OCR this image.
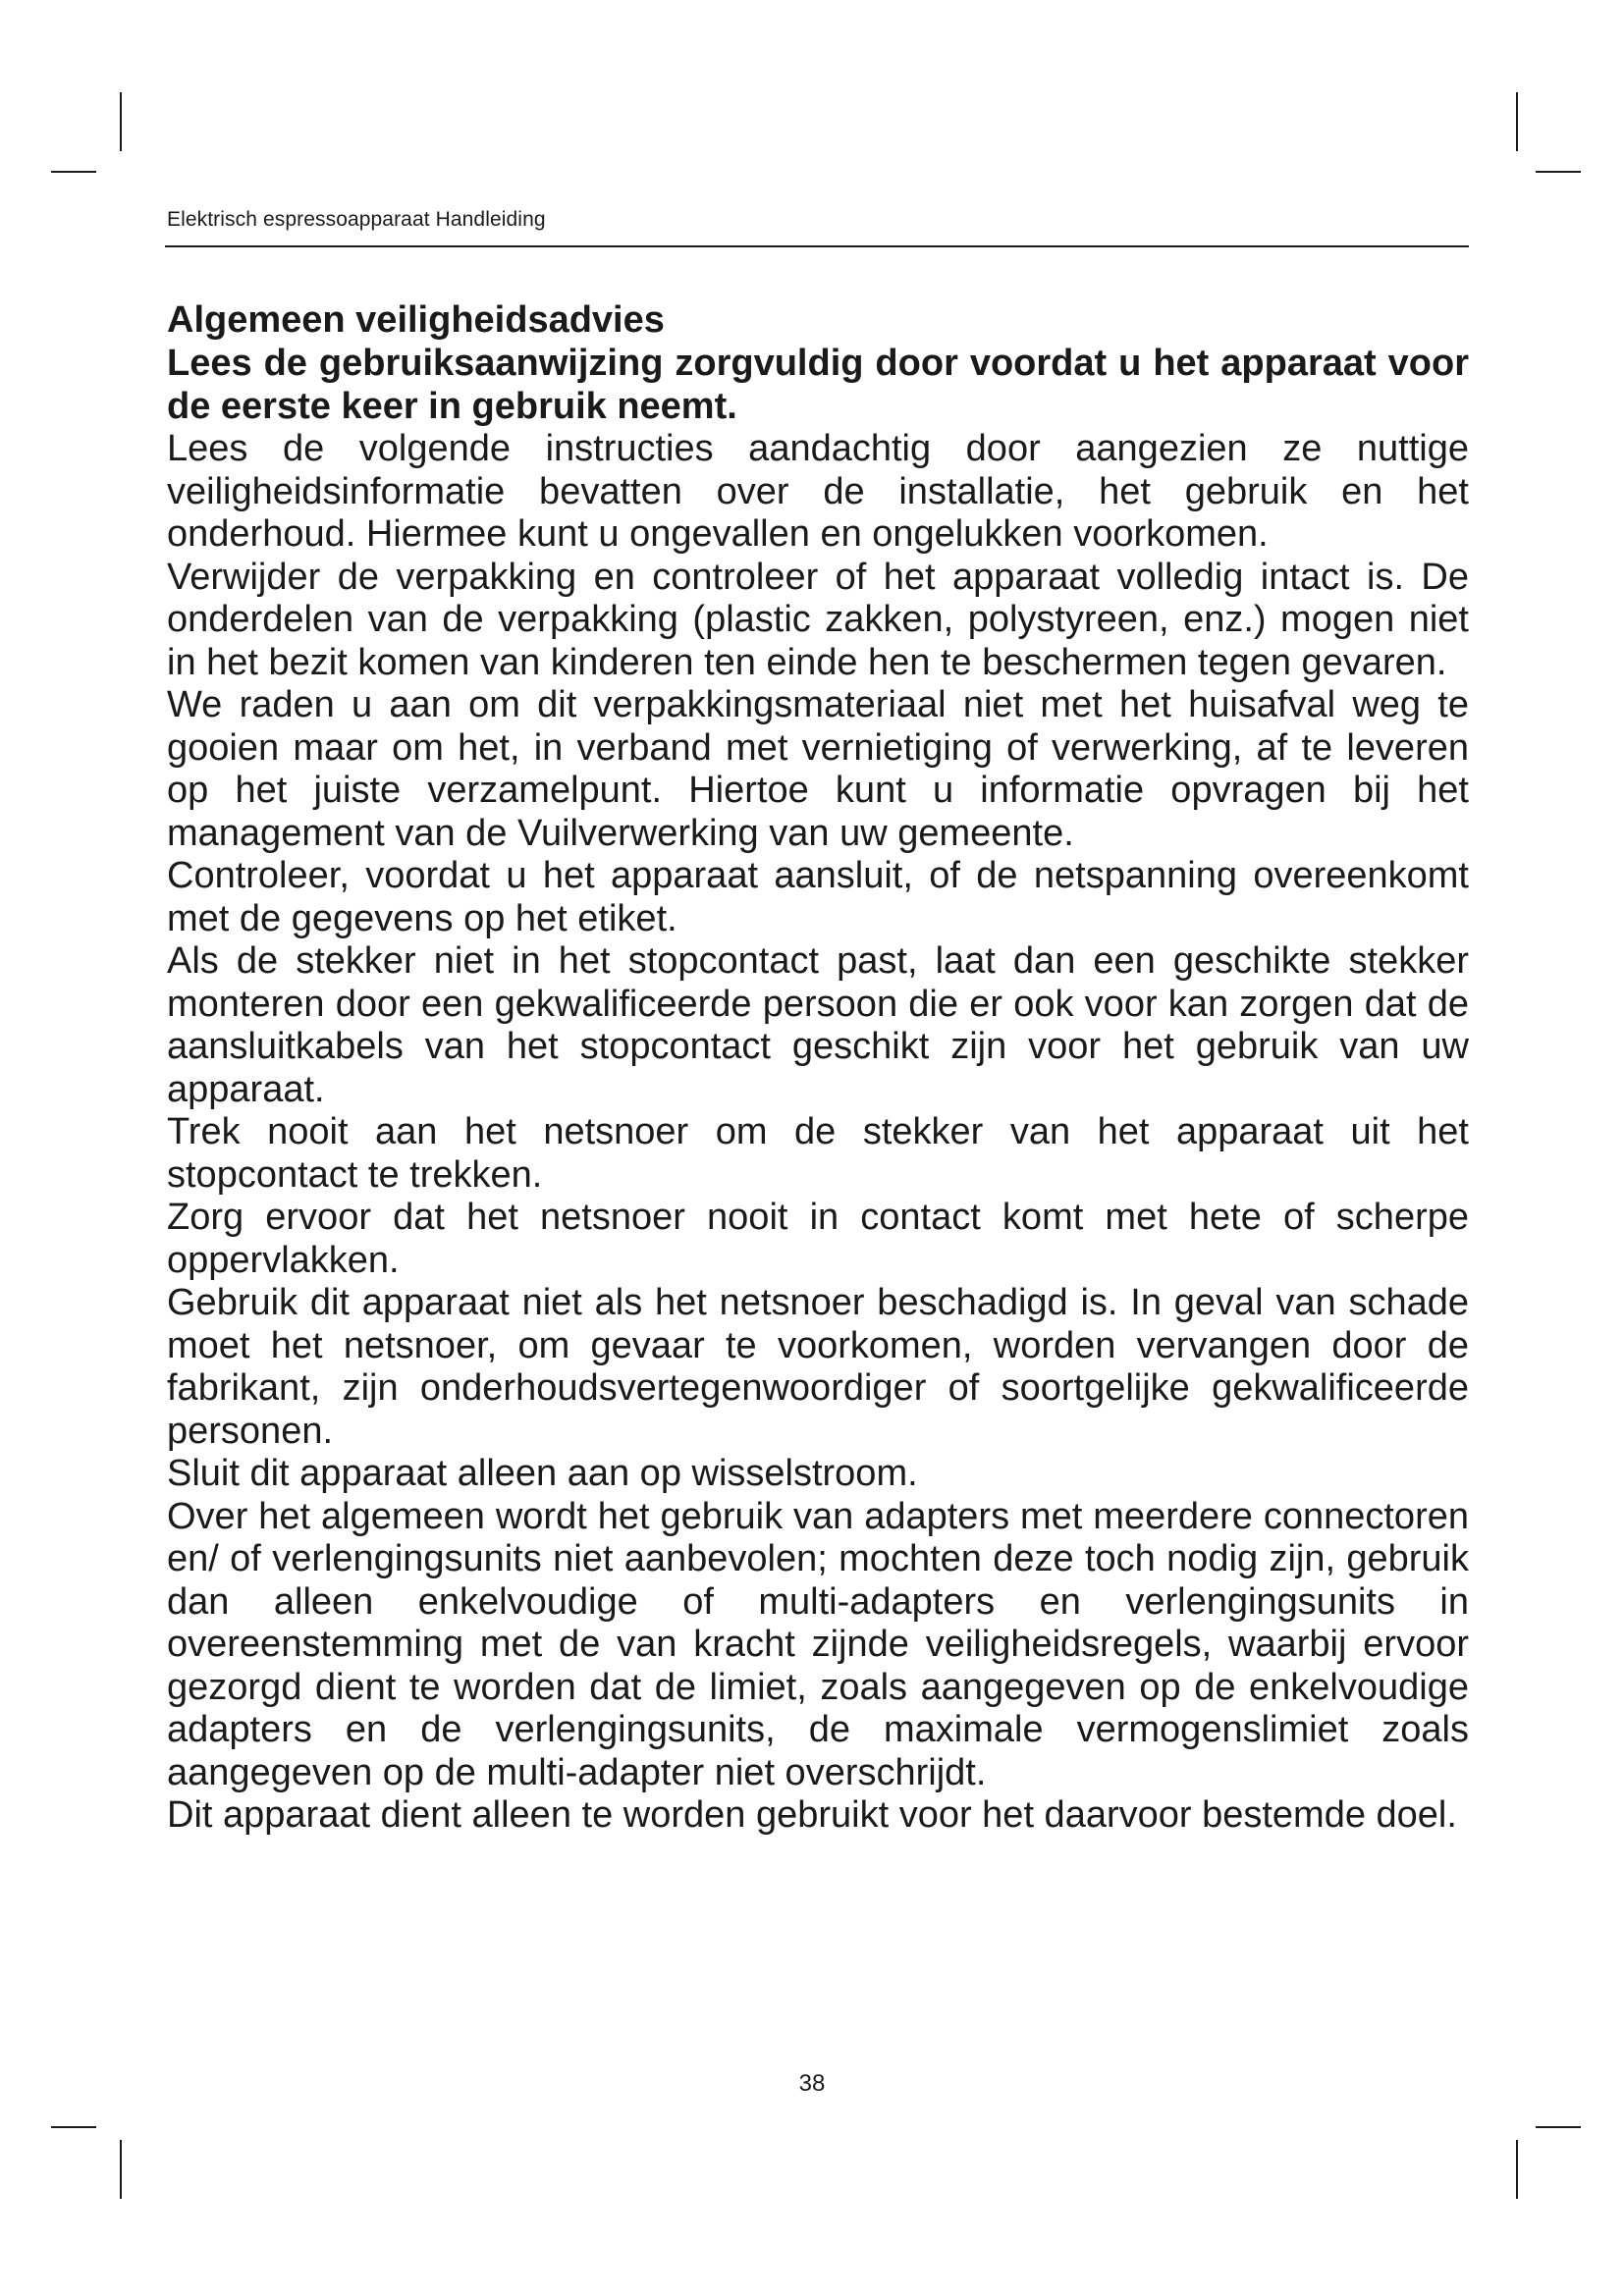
Elektrisch espressoapparaat Handleiding
Algemeen veiligheidsadvies
Lees de gebruiksaanwijzing zorgvuldig door voordat u het apparaat voor de eerste keer in gebruik neemt.

Lees de volgende instructies aandachtig door aangezien ze nuttige veiligheidsinformatie bevatten over de installatie, het gebruik en het onderhoud. Hiermee kunt u ongevallen en ongelukken voorkomen.

Verwijder de verpakking en controleer of het apparaat volledig intact is. De onderdelen van de verpakking (plastic zakken, polystyreen, enz.) mogen niet in het bezit komen van kinderen ten einde hen te beschermen tegen gevaren.

We raden u aan om dit verpakkingsmateriaal niet met het huisafval weg te gooien maar om het, in verband met vernietiging of verwerking, af te leveren op het juiste verzamelpunt. Hiertoe kunt u informatie opvragen bij het management van de Vuilverwerking van uw gemeente.

Controleer, voordat u het apparaat aansluit, of de netspanning overeenkomt met de gegevens op het etiket.

Als de stekker niet in het stopcontact past, laat dan een geschikte stekker monteren door een gekwalificeerde persoon die er ook voor kan zorgen dat de aansluitkabels van het stopcontact geschikt zijn voor het gebruik van uw apparaat.

Trek nooit aan het netsnoer om de stekker van het apparaat uit het stopcontact te trekken.

Zorg ervoor dat het netsnoer nooit in contact komt met hete of scherpe oppervlakken.

Gebruik dit apparaat niet als het netsnoer beschadigd is. In geval van schade moet het netsnoer, om gevaar te voorkomen, worden vervangen door de fabrikant, zijn onderhoudsvertegenwoordiger of soortgelijke gekwalificeerde personen.

Sluit dit apparaat alleen aan op wisselstroom.

Over het algemeen wordt het gebruik van adapters met meerdere connectoren en/ of verlengingsunits niet aanbevolen; mochten deze toch nodig zijn, gebruik dan alleen enkelvoudige of multi-adapters en verlengingsunits in overeenstemming met de van kracht zijnde veiligheidsregels, waarbij ervoor gezorgd dient te worden dat de limiet, zoals aangegeven op de enkelvoudige adapters en de verlengingsunits, de maximale vermogenslimiet zoals aangegeven op de multi-adapter niet overschrijdt.

Dit apparaat dient alleen te worden gebruikt voor het daarvoor bestemde doel.

38
